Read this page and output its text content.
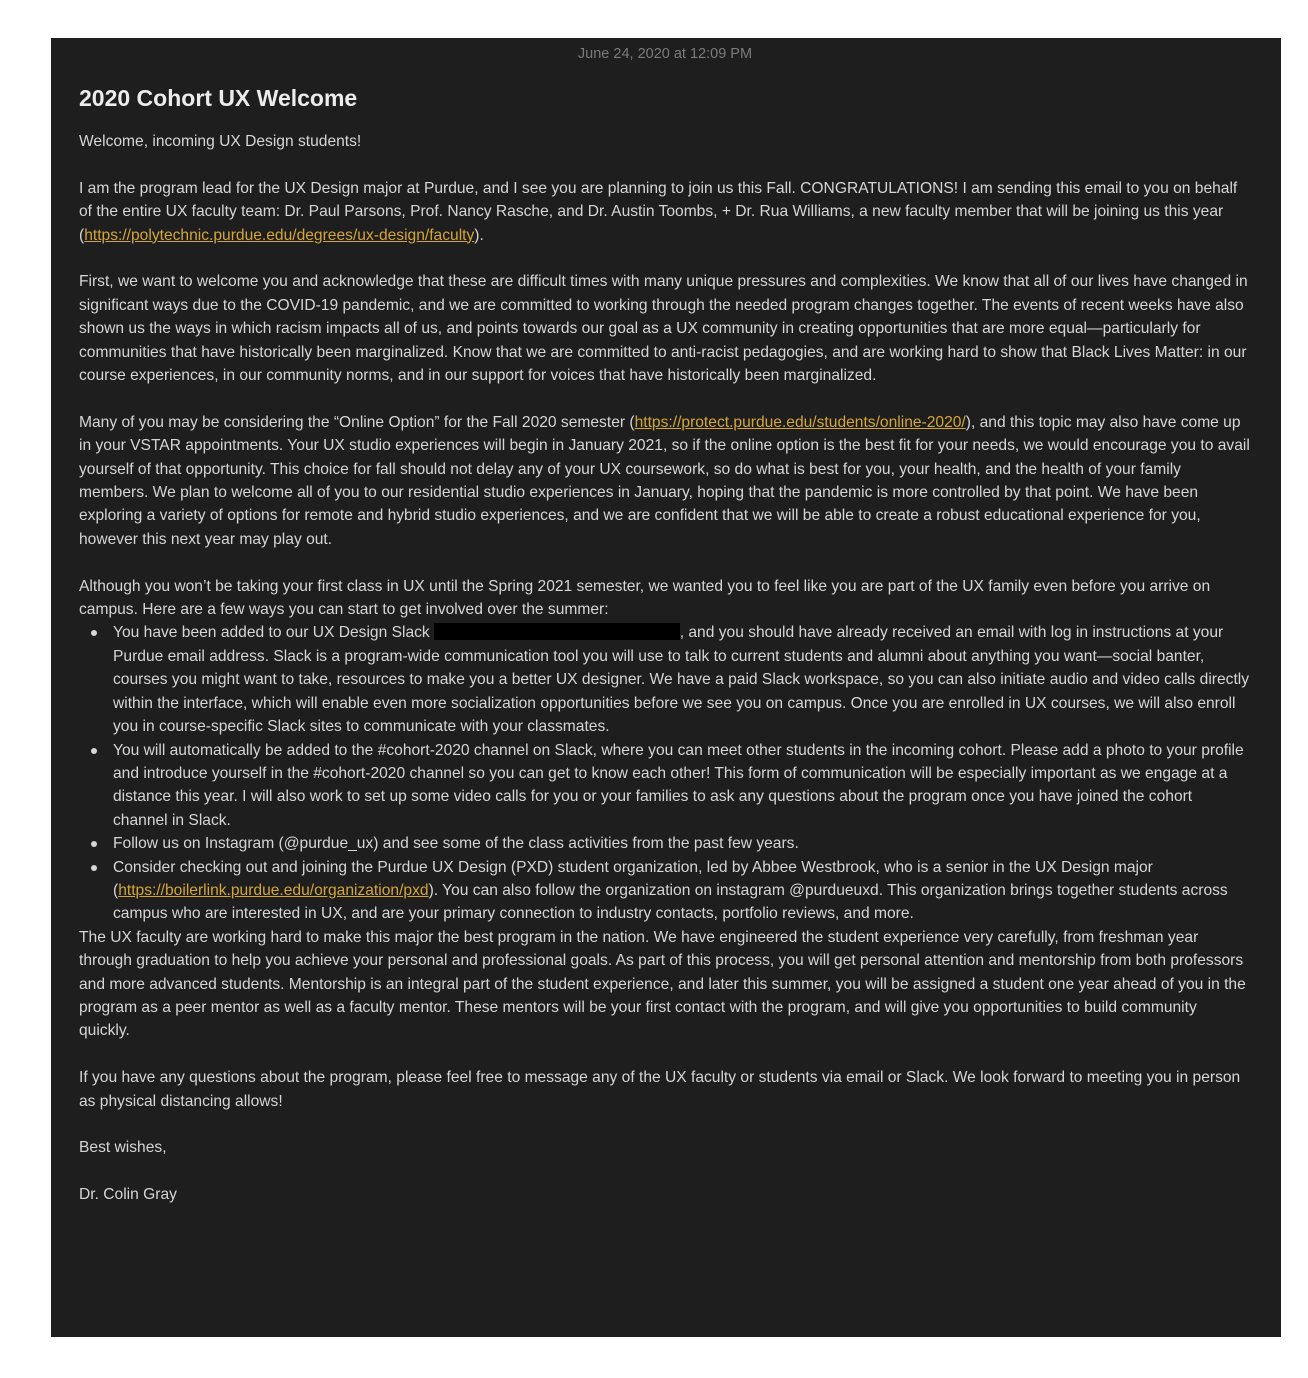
June 24, 2020 at 12:09 PM
2020 Cohort UX Welcome

Welcome, incoming UX Design students!

I am the program lead for the UX Design major at Purdue, and I see you are planning to join us this Fall. CONGRATULATIONS! I am sending this email to you on behalf of the entire UX faculty team: Dr. Paul Parsons, Prof. Nancy Rasche, and Dr. Austin Toombs, + Dr. Rua Williams, a new faculty member that will be joining us this year (https://polytechnic.purdue.edu/degrees/ux-design/faculty).

First, we want to welcome you and acknowledge that these are difficult times with many unique pressures and complexities. We know that all of our lives have changed in significant ways due to the COVID-19 pandemic, and we are committed to working through the needed program changes together. The events of recent weeks have also shown us the ways in which racism impacts all of us, and points towards our goal as a UX community in creating opportunities that are more equal—particularly for communities that have historically been marginalized. Know that we are committed to anti-racist pedagogies, and are working hard to show that Black Lives Matter: in our course experiences, in our community norms, and in our support for voices that have historically been marginalized.

Many of you may be considering the “Online Option” for the Fall 2020 semester (https://protect.purdue.edu/students/online-2020/), and this topic may also have come up in your VSTAR appointments. Your UX studio experiences will begin in January 2021, so if the online option is the best fit for your needs, we would encourage you to avail yourself of that opportunity. This choice for fall should not delay any of your UX coursework, so do what is best for you, your health, and the health of your family members. We plan to welcome all of you to our residential studio experiences in January, hoping that the pandemic is more controlled by that point. We have been exploring a variety of options for remote and hybrid studio experiences, and we are confident that we will be able to create a robust educational experience for you, however this next year may play out.

Although you won’t be taking your first class in UX until the Spring 2021 semester, we wanted you to feel like you are part of the UX family even before you arrive on campus. Here are a few ways you can start to get involved over the summer:

You have been added to our UX Design Slack	, and you should have already received an email with log in instructions at your Purdue email address. Slack is a program-wide communication tool you will use to talk to current students and alumni about anything you want—social banter, courses you might want to take, resources to make you a better UX designer. We have a paid Slack workspace, so you can also initiate audio and video calls directly within the interface, which will enable even more socialization opportunities before we see you on campus. Once you are enrolled in UX courses, we will also enroll you in course-specific Slack sites to communicate with your classmates.
You will automatically be added to the #cohort-2020 channel on Slack, where you can meet other students in the incoming cohort. Please add a photo to your profile and introduce yourself in the #cohort-2020 channel so you can get to know each other! This form of communication will be especially important as we engage at a distance this year. I will also work to set up some video calls for you or your families to ask any questions about the program once you have joined the cohort channel in Slack.
Follow us on Instagram (@purdue_ux) and see some of the class activities from the past few years.
Consider checking out and joining the Purdue UX Design (PXD) student organization, led by Abbee Westbrook, who is a senior in the UX Design major (https://boilerlink.purdue.edu/organization/pxd). You can also follow the organization on instagram @purdueuxd. This organization brings together students across campus who are interested in UX, and are your primary connection to industry contacts, portfolio reviews, and more.

The UX faculty are working hard to make this major the best program in the nation. We have engineered the student experience very carefully, from freshman year through graduation to help you achieve your personal and professional goals. As part of this process, you will get personal attention and mentorship from both professors and more advanced students. Mentorship is an integral part of the student experience, and later this summer, you will be assigned a student one year ahead of you in the program as a peer mentor as well as a faculty mentor. These mentors will be your first contact with the program, and will give you opportunities to build community quickly.

If you have any questions about the program, please feel free to message any of the UX faculty or students via email or Slack. We look forward to meeting you in person as physical distancing allows!

Best wishes,

Dr. Colin Gray
